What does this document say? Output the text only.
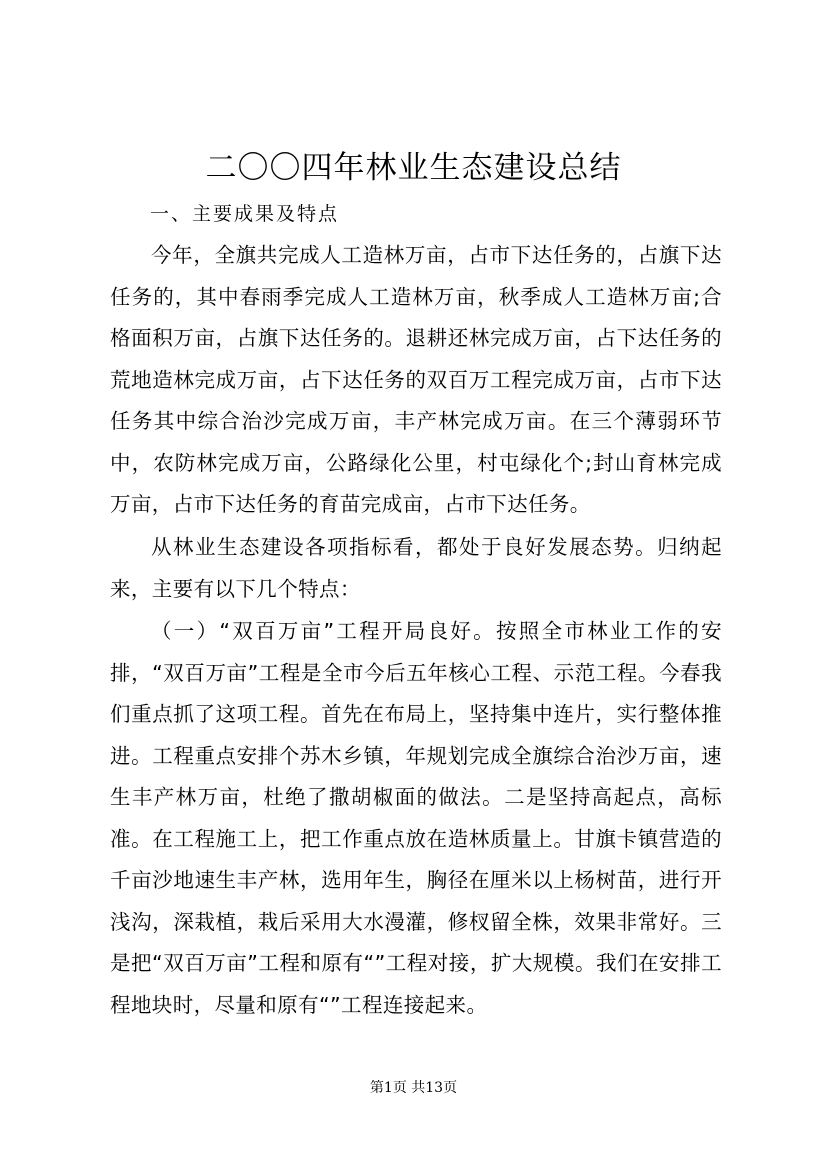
二〇〇四年林业生态建设总结
一、主要成果及特点

今年，全旗共完成人工造林万亩，占市下达任务的，占旗下达任务的，其中春雨季完成人工造林万亩，秋季成人工造林万亩;合格面积万亩，占旗下达任务的。退耕还林完成万亩，占下达任务的荒地造林完成万亩，占下达任务的双百万工程完成万亩，占市下达任务其中综合治沙完成万亩，丰产林完成万亩。在三个薄弱环节中，农防林完成万亩，公路绿化公里，村屯绿化个;封山育林完成万亩，占市下达任务的育苗完成亩，占市下达任务。

从林业生态建设各项指标看，都处于良好发展态势。归纳起来，主要有以下几个特点：

（一）“双百万亩”工程开局良好。按照全市林业工作的安排，“双百万亩”工程是全市今后五年核心工程、示范工程。今春我们重点抓了这项工程。首先在布局上，坚持集中连片，实行整体推进。工程重点安排个苏木乡镇，年规划完成全旗综合治沙万亩，速生丰产林万亩，杜绝了撒胡椒面的做法。二是坚持高起点，高标准。在工程施工上，把工作重点放在造林质量上。甘旗卡镇营造的千亩沙地速生丰产林，选用年生，胸径在厘米以上杨树苗，进行开浅沟，深栽植，栽后采用大水漫灌，修杈留全株，效果非常好。三是把“双百万亩”工程和原有“”工程对接，扩大规模。我们在安排工程地块时，尽量和原有“”工程连接起来。

第1页 共13页
